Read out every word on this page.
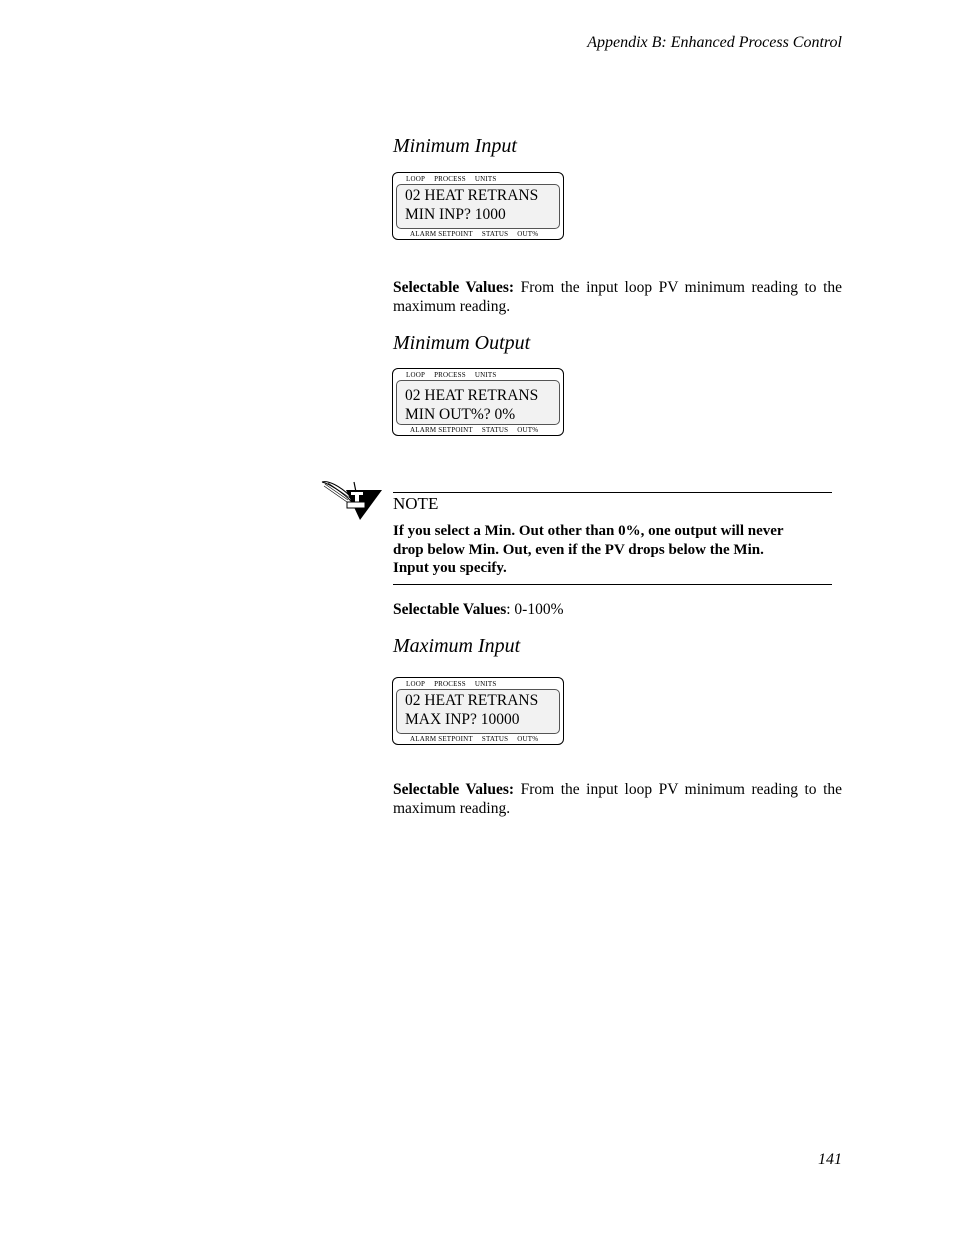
Appendix B: Enhanced Process Control
Minimum Input
LOOP PROCESS UNITS
02 HEAT RETRANS
MIN INP? 1000
ALARM SETPOINT STATUS OUT%

Selectable Values: From the input loop PV minimum reading to the maximum reading.

Minimum Output
LOOP PROCESS UNITS
02 HEAT RETRANS
MIN OUT%? 0%
ALARM SETPOINT STATUS OUT%

NOTE

If you select a Min. Out other than 0%, one output will never drop below Min. Out, even if the PV drops below the Min. Input you specify.

Selectable Values: 0-100%

Maximum Input
LOOP PROCESS UNITS
02 HEAT RETRANS
MAX INP? 10000
ALARM SETPOINT STATUS OUT%

Selectable Values: From the input loop PV minimum reading to the maximum reading.

141
